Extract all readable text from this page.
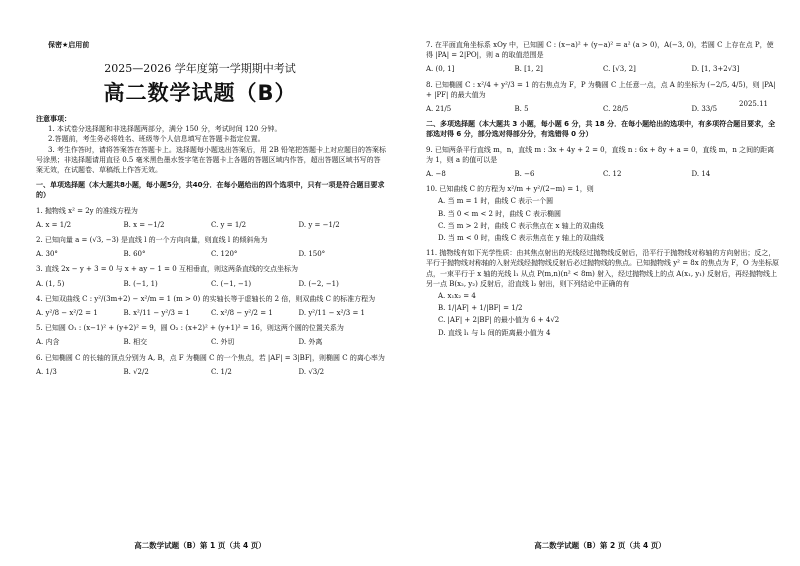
保密★启用前
2025—2026 学年度第一学期期中考试
高二数学试题（B）	2025.11

注意事项：

1. 本试卷分选择题和非选择题两部分，满分 150 分，考试时间 120 分钟。

2.答题前，考生务必将姓名、班级等个人信息填写在答题卡指定位置。

3. 考生作答时，请将答案答在答题卡上。选择题每小题选出答案后，用 2B 铅笔把答题卡上对应题目的答案标号涂黑；非选择题请用直径 0.5 毫米黑色墨水签字笔在答题卡上各题的答题区域内作答，超出答题区域书写的答案无效，在试题卷、草稿纸上作答无效。

一、单项选择题（本大题共8小题，每小题5分，共40分．在每小题给出的四个选项中，只有一项是符合题目要求的）

1. 抛物线 x² = 2y 的准线方程为

A. x = 1/2	B. x = −1/2	C. y = 1/2	D. y = −1/2

2. 已知向量 a = (√3, −3) 是直线 l 的一个方向向量，则直线 l 的倾斜角为

A. 30°	B. 60°	C. 120°	D. 150°

3. 直线 2x − y + 3 = 0 与 x + ay − 1 = 0 互相垂直，则这两条直线的交点坐标为

A. (1, 5)	B. (−1, 1)	C. (−1, −1)	D. (−2, −1)

4. 已知双曲线 C : y²/(3m+2) − x²/m = 1 (m > 0) 的实轴长等于虚轴长的 2 倍，则双曲线 C 的标准方程为

A. y²/8 − x²/2 = 1	B. x²/11 − y²/3 = 1	C. x²/8 − y²/2 = 1	D. y²/11 − x²/3 = 1

5. 已知圆 O₁ : (x−1)² + (y+2)² = 9，圆 O₂ : (x+2)² + (y+1)² = 16，则这两个圆的位置关系为

A. 内含	B. 相交	C. 外切	D. 外离

6. 已知椭圆 C 的长轴的顶点分别为 A, B，点 F 为椭圆 C 的一个焦点，若 |AF| = 3|BF|，则椭圆 C 的离心率为

A. 1/3	B. √2/2	C. 1/2	D. √3/2
高二数学试题（B）第 1 页（共 4 页）

7. 在平面直角坐标系 xOy 中，已知圆 C : (x−a)² + (y−a)² = a² (a > 0)，A(−3, 0)，若圆 C 上存在点 P，使得 |PA| = 2|PO|，则 a 的取值范围是

A. (0, 1]	B. [1, 2]	C. [√3, 2]	D. [1, 3+2√3]

8. 已知椭圆 C : x²/4 + y²/3 = 1 的右焦点为 F，P 为椭圆 C 上任意一点，点 A 的坐标为 (−2/5, 4/5)，则 |PA| + |PF| 的最大值为

A. 21/5	B. 5	C. 28/5	D. 33/5

二、多项选择题（本大题共 3 小题，每小题 6 分，共 18 分．在每小题给出的选项中，有多项符合题目要求，全部选对得 6 分，部分选对得部分分，有选错得 0 分）

9. 已知两条平行直线 m，n，直线 m : 3x + 4y + 2 = 0，直线 n : 6x + 8y + a = 0，直线 m，n 之间的距离为 1，则 a 的值可以是

A. −8	B. −6	C. 12	D. 14

10. 已知曲线 C 的方程为 x²/m + y²/(2−m) = 1，则

A. 当 m = 1 时，曲线 C 表示一个圆

B. 当 0 < m < 2 时，曲线 C 表示椭圆

C. 当 m > 2 时，曲线 C 表示焦点在 x 轴上的双曲线

D. 当 m < 0 时，曲线 C 表示焦点在 y 轴上的双曲线

11. 抛物线有如下光学性质：由其焦点射出的光线经过抛物线反射后，沿平行于抛物线对称轴的方向射出；反之，平行于抛物线对称轴的入射光线经抛物线反射后必过抛物线的焦点。已知抛物线 y² = 8x 的焦点为 F，O 为坐标原点，一束平行于 x 轴的光线 l₁ 从点 P(m,n)(n² < 8m) 射入，经过抛物线上的点 A(x₁, y₁) 反射后，再经抛物线上另一点 B(x₂, y₂) 反射后，沿直线 l₂ 射出，则下列结论中正确的有

A. x₁x₂ = 4

B. 1/|AF| + 1/|BF| = 1/2

C. |AF| + 2|BF| 的最小值为 6 + 4√2

D. 直线 l₁ 与 l₂ 间的距离最小值为 4

高二数学试题（B）第 2 页（共 4 页）
